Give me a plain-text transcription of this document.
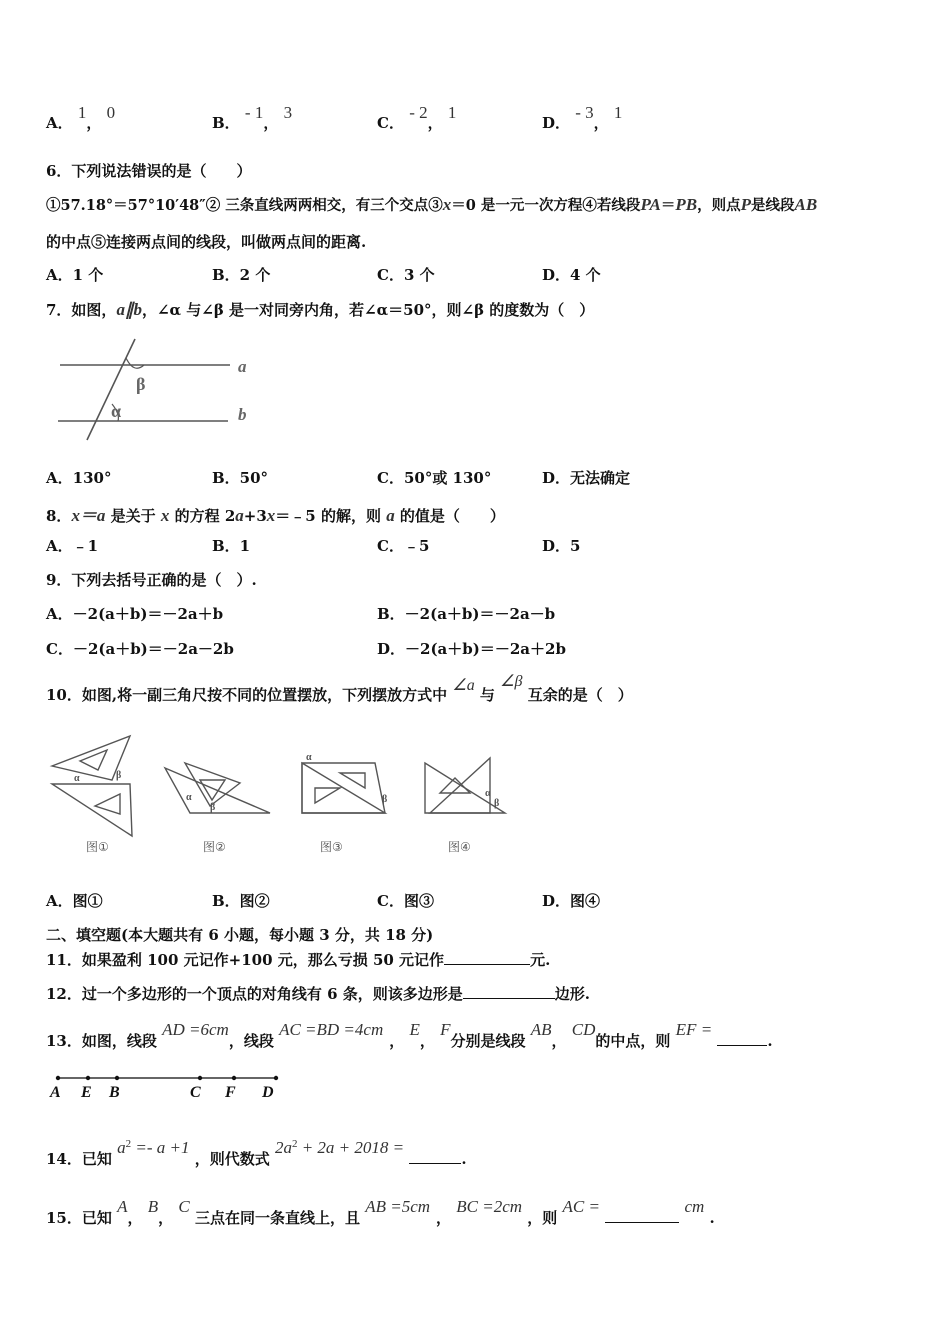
A． 1， 0
B． - 1， 3
C． - 2， 1
D． - 3， 1
6．下列说法错误的是（　　）
①57.18°＝57°10′48″② 三条直线两两相交，有三个交点③x＝0 是一元一次方程④若线段PA＝PB，则点P是线段AB
的中点⑤连接两点间的线段，叫做两点间的距离.
A．1 个	B．2 个	C．3 个	D．4 个
7．如图，a∥b，∠α 与∠β 是一对同旁内角，若∠α＝50°，则∠β 的度数为（　）
a
b
β
α
A．130°	B．50°	C．50°或 130°	D．无法确定
8．x＝a 是关于 x 的方程 2a+3x＝﹣5 的解，则 a 的值是（　　）
A．﹣1	B．1	C．﹣5	D．5
9．下列去括号正确的是（　）.
A．－2(a＋b)＝－2a＋b	B．－2(a＋b)＝－2a－b
C．－2(a＋b)＝－2a－2b	D．－2(a＋b)＝－2a＋2b
10．如图,将一副三角尺按不同的位置摆放，下列摆放方式中 ∠a 与 ∠β 互余的是（　）
α	β
α
β
α
β
α
β
图①	图②	图③	图④
A．图①	B．图②	C．图③	D．图④
二、填空题(本大题共有 6 小题，每小题 3 分，共 18 分)
11．如果盈利 100 元记作+100 元，那么亏损 50 元记作	元.
12．过一个多边形的一个顶点的对角线有 6 条，则该多边形是	边形.
13．如图，线段 AD =6cm，线段 AC =BD =4cm， E， F分别是线段 AB， CD的中点，则 EF = .
A E B	C F D
14．已知 $a^2 =- a +1$ ，则代数式 $2a^2 + 2a + 2018$ = .
15．已知 A， B， C 三点在同一条直线上，且 AB =5cm， BC =2cm ，则 AC =	cm .
